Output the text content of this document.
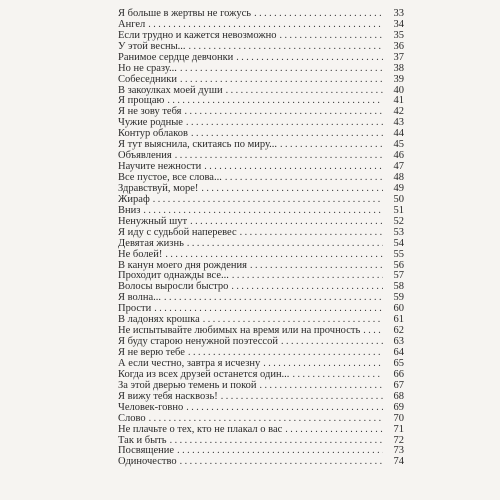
Я больше в жертвы не гожусь . . .	33
Ангел . . .	34
Если трудно и кажется невозможно . . .	35
У этой весны... . . .	36
Ранимое сердце девчонки . . .	37
Но не сразу... . . .	38
Собеседники . . .	39
В закоулках моей души . . .	40
Я прощаю . . .	41
Я не зову тебя . . .	42
Чужие родные . . .	43
Контур облаков . . .	44
Я тут выяснила, скитаясь по миру... . . .	45
Объявления . . .	46
Научите нежности . . .	47
Все пустое, все слова... . . .	48
Здравствуй, море! . . .	49
Жираф . . .	50
Вниз . . .	51
Ненужный шут . . .	52
Я иду с судьбой наперевес . . .	53
Девятая жизнь . . .	54
Не болей! . . .	55
В канун моего дня рождения . . .	56
Проходит однажды все... . . .	57
Волосы выросли быстро . . .	58
Я волна... . . .	59
Прости . . .	60
В ладонях крошка . . .	61
Не испытывайте любимых на время или на прочность . . .	62
Я буду старою ненужной поэтессой . . .	63
Я не верю тебе . . .	64
А если честно, завтра я исчезну . . .	65
Когда из всех друзей останется один... . . .	66
За этой дверью темень и покой . . .	67
Я вижу тебя насквозь! . . .	68
Человек-говно . . .	69
Слово . . .	70
Не плачьте о тех, кто не плакал о вас . . .	71
Так и быть . . .	72
Посвящение . . .	73
Одиночество . . .	74
